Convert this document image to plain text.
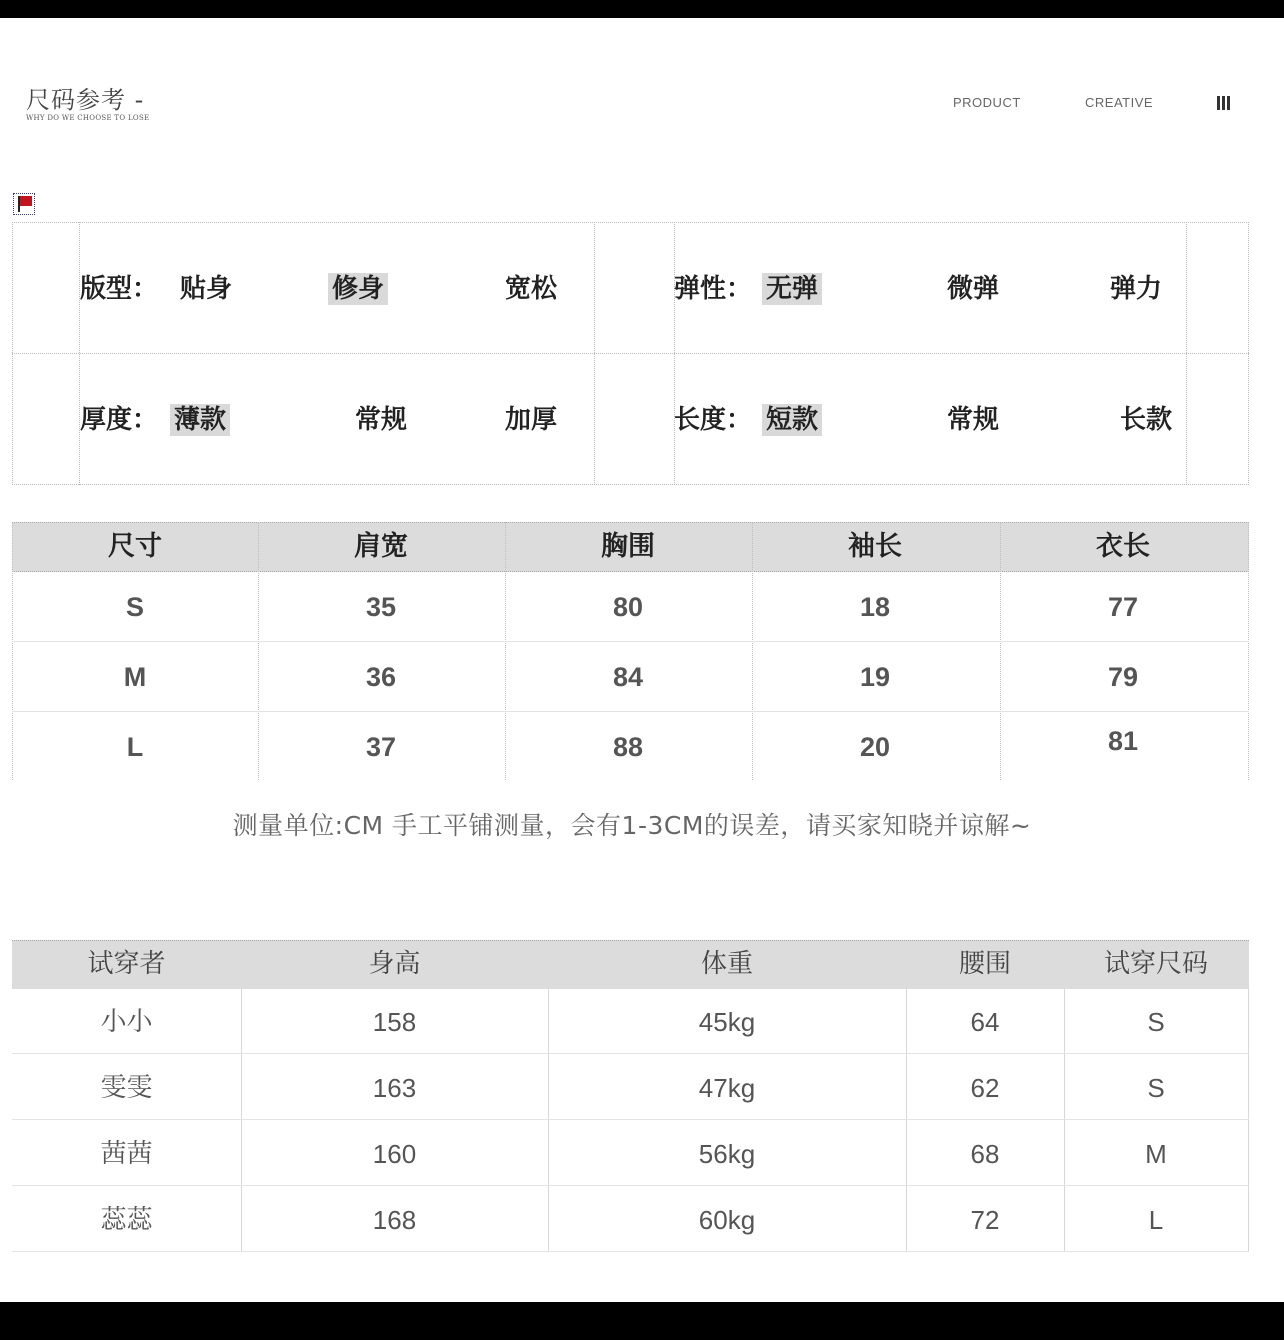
尺码参考 -
WHY DO WE CHOOSE TO LOSE
PRODUCT	CREATIVE
版型： 贴身	修身	宽松	弹性： 无弹	微弹	弹力
厚度： 薄款	常规	加厚	长度： 短款	常规	长款
尺寸	肩宽	胸围	袖长	衣长
S	35	80	18	77
M	36	84	19	79
L	37	88	20	81
测量单位:CM 手工平铺测量，会有1-3CM的误差，请买家知晓并谅解~
试穿者	身高	体重	腰围	试穿尺码
小小	158	45kg	64	S
雯雯	163	47kg	62	S
茜茜	160	56kg	68	M
蕊蕊	168	60kg	72	L
